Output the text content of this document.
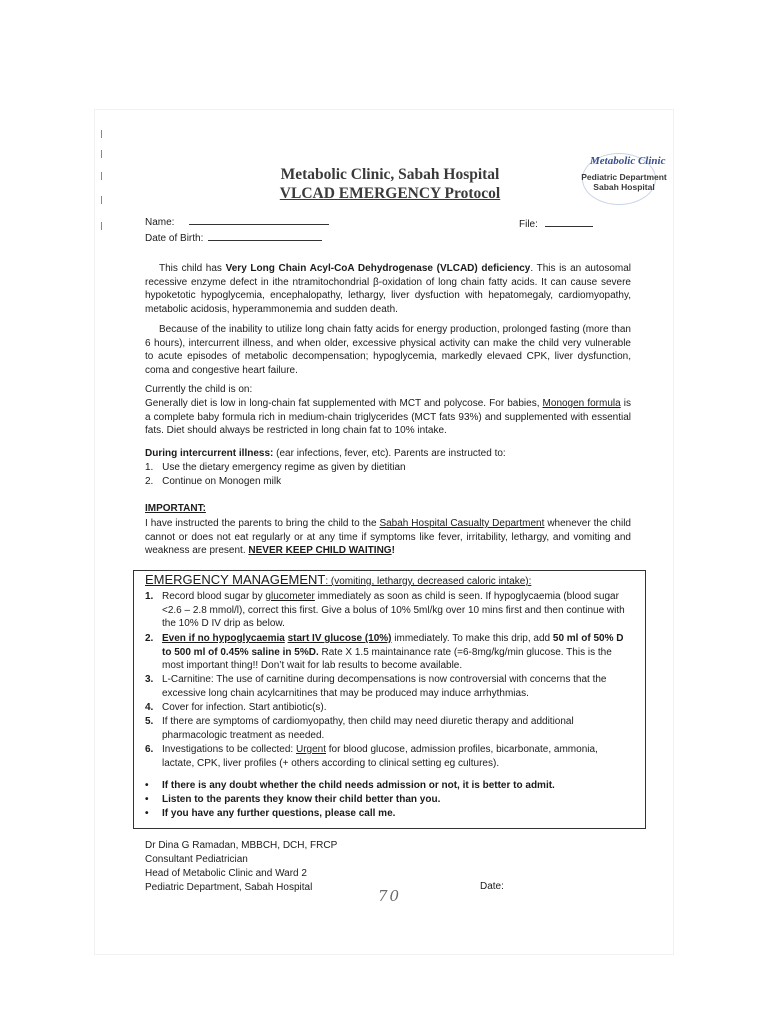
Metabolic Clinic, Sabah Hospital
VLCAD EMERGENCY Protocol
Metabolic Clinic
Pediatric Department
Sabah Hospital
Name:
Date of Birth:
File:
This child has Very Long Chain Acyl-CoA Dehydrogenase (VLCAD) deficiency. This is an autosomal recessive enzyme defect in ithe ntramitochondrial β-oxidation of long chain fatty acids. It can cause severe hypoketotic hypoglycemia, encephalopathy, lethargy, liver dysfuction with hepatomegaly, cardiomyopathy, metabolic acidosis, hyperammonemia and sudden death.
Because of the inability to utilize long chain fatty acids for energy production, prolonged fasting (more than 6 hours), intercurrent illness, and when older, excessive physical activity can make the child very vulnerable to acute episodes of metabolic decompensation; hypoglycemia, markedly elevaed CPK, liver dysfunction, coma and congestive heart failure.
Currently the child is on:
Generally diet is low in long-chain fat supplemented with MCT and polycose. For babies, Monogen formula is a complete baby formula rich in medium-chain triglycerides (MCT fats 93%) and supplemented with essential fats. Diet should always be restricted in long chain fat to 10% intake.
During intercurrent illness: (ear infections, fever, etc). Parents are instructed to:
1. Use the dietary emergency regime as given by dietitian
2. Continue on Monogen milk
IMPORTANT:
I have instructed the parents to bring the child to the Sabah Hospital Casualty Department whenever the child cannot or does not eat regularly or at any time if symptoms like fever, irritability, lethargy, and vomiting and weakness are present. NEVER KEEP CHILD WAITING!
EMERGENCY MANAGEMENT: (vomiting, lethargy, decreased caloric intake):
1. Record blood sugar by glucometer immediately as soon as child is seen. If hypoglycaemia (blood sugar <2.6 – 2.8 mmol/l), correct this first. Give a bolus of 10% 5ml/kg over 10 mins first and then continue with the 10% D IV drip as below.
2. Even if no hypoglycaemia start IV glucose (10%) immediately. To make this drip, add 50 ml of 50% D to 500 ml of 0.45% saline in 5%D. Rate X 1.5 maintainance rate (=6-8mg/kg/min glucose. This is the most important thing!! Don’t wait for lab results to become available.
3. L-Carnitine: The use of carnitine during decompensations is now controversial with concerns that the excessive long chain acylcarnitines that may be produced may induce arrhythmias.
4. Cover for infection. Start antibiotic(s).
5. If there are symptoms of cardiomyopathy, then child may need diuretic therapy and additional pharmacologic treatment as needed.
6. Investigations to be collected: Urgent for blood glucose, admission profiles, bicarbonate, ammonia, lactate, CPK, liver profiles (+ others according to clinical setting eg cultures).
• If there is any doubt whether the child needs admission or not, it is better to admit.
• Listen to the parents they know their child better than you.
• If you have any further questions, please call me.
Dr Dina G Ramadan, MBBCH, DCH, FRCP
Consultant Pediatrician
Head of Metabolic Clinic and Ward 2
Pediatric Department, Sabah Hospital	Date:
70
